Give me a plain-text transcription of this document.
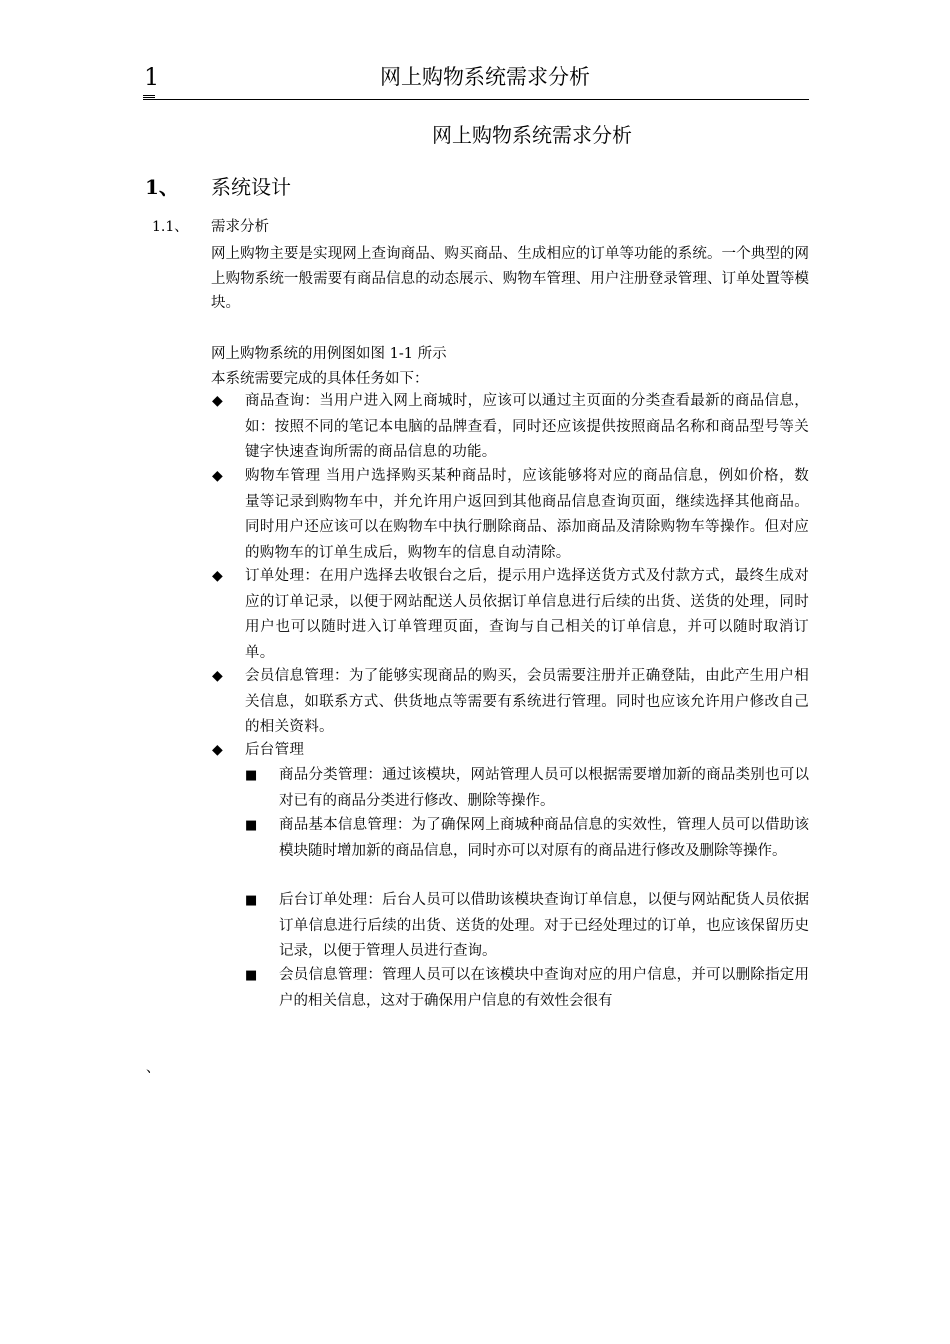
1	网上购物系统需求分析
网上购物系统需求分析
1、 系统设计
1.1、 需求分析
网上购物主要是实现网上查询商品、购买商品、生成相应的订单等功能的系统。一个典型的网上购物系统一般需要有商品信息的动态展示、购物车管理、用户注册登录管理、订单处置等模块。
网上购物系统的用例图如图 1-1 所示
本系统需要完成的具体任务如下：
◆ 商品查询：当用户进入网上商城时，应该可以通过主页面的分类查看最新的商品信息，如：按照不同的笔记本电脑的品牌查看，同时还应该提供按照商品名称和商品型号等关键字快速查询所需的商品信息的功能。
◆ 购物车管理 当用户选择购买某种商品时，应该能够将对应的商品信息，例如价格，数量等记录到购物车中，并允许用户返回到其他商品信息查询页面，继续选择其他商品。同时用户还应该可以在购物车中执行删除商品、添加商品及清除购物车等操作。但对应的购物车的订单生成后，购物车的信息自动清除。
◆ 订单处理：在用户选择去收银台之后，提示用户选择送货方式及付款方式，最终生成对应的订单记录，以便于网站配送人员依据订单信息进行后续的出货、送货的处理，同时用户也可以随时进入订单管理页面，查询与自己相关的订单信息，并可以随时取消订单。
◆ 会员信息管理：为了能够实现商品的购买，会员需要注册并正确登陆，由此产生用户相关信息，如联系方式、供货地点等需要有系统进行管理。同时也应该允许用户修改自己的相关资料。
◆ 后台管理
■ 商品分类管理：通过该模块，网站管理人员可以根据需要增加新的商品类别也可以对已有的商品分类进行修改、删除等操作。
■ 商品基本信息管理：为了确保网上商城种商品信息的实效性，管理人员可以借助该模块随时增加新的商品信息，同时亦可以对原有的商品进行修改及删除等操作。
■ 后台订单处理：后台人员可以借助该模块查询订单信息，以便与网站配货人员依据订单信息进行后续的出货、送货的处理。对于已经处理过的订单，也应该保留历史记录，以便于管理人员进行查询。
■ 会员信息管理：管理人员可以在该模块中查询对应的用户信息，并可以删除指定用户的相关信息，这对于确保用户信息的有效性会很有
、
